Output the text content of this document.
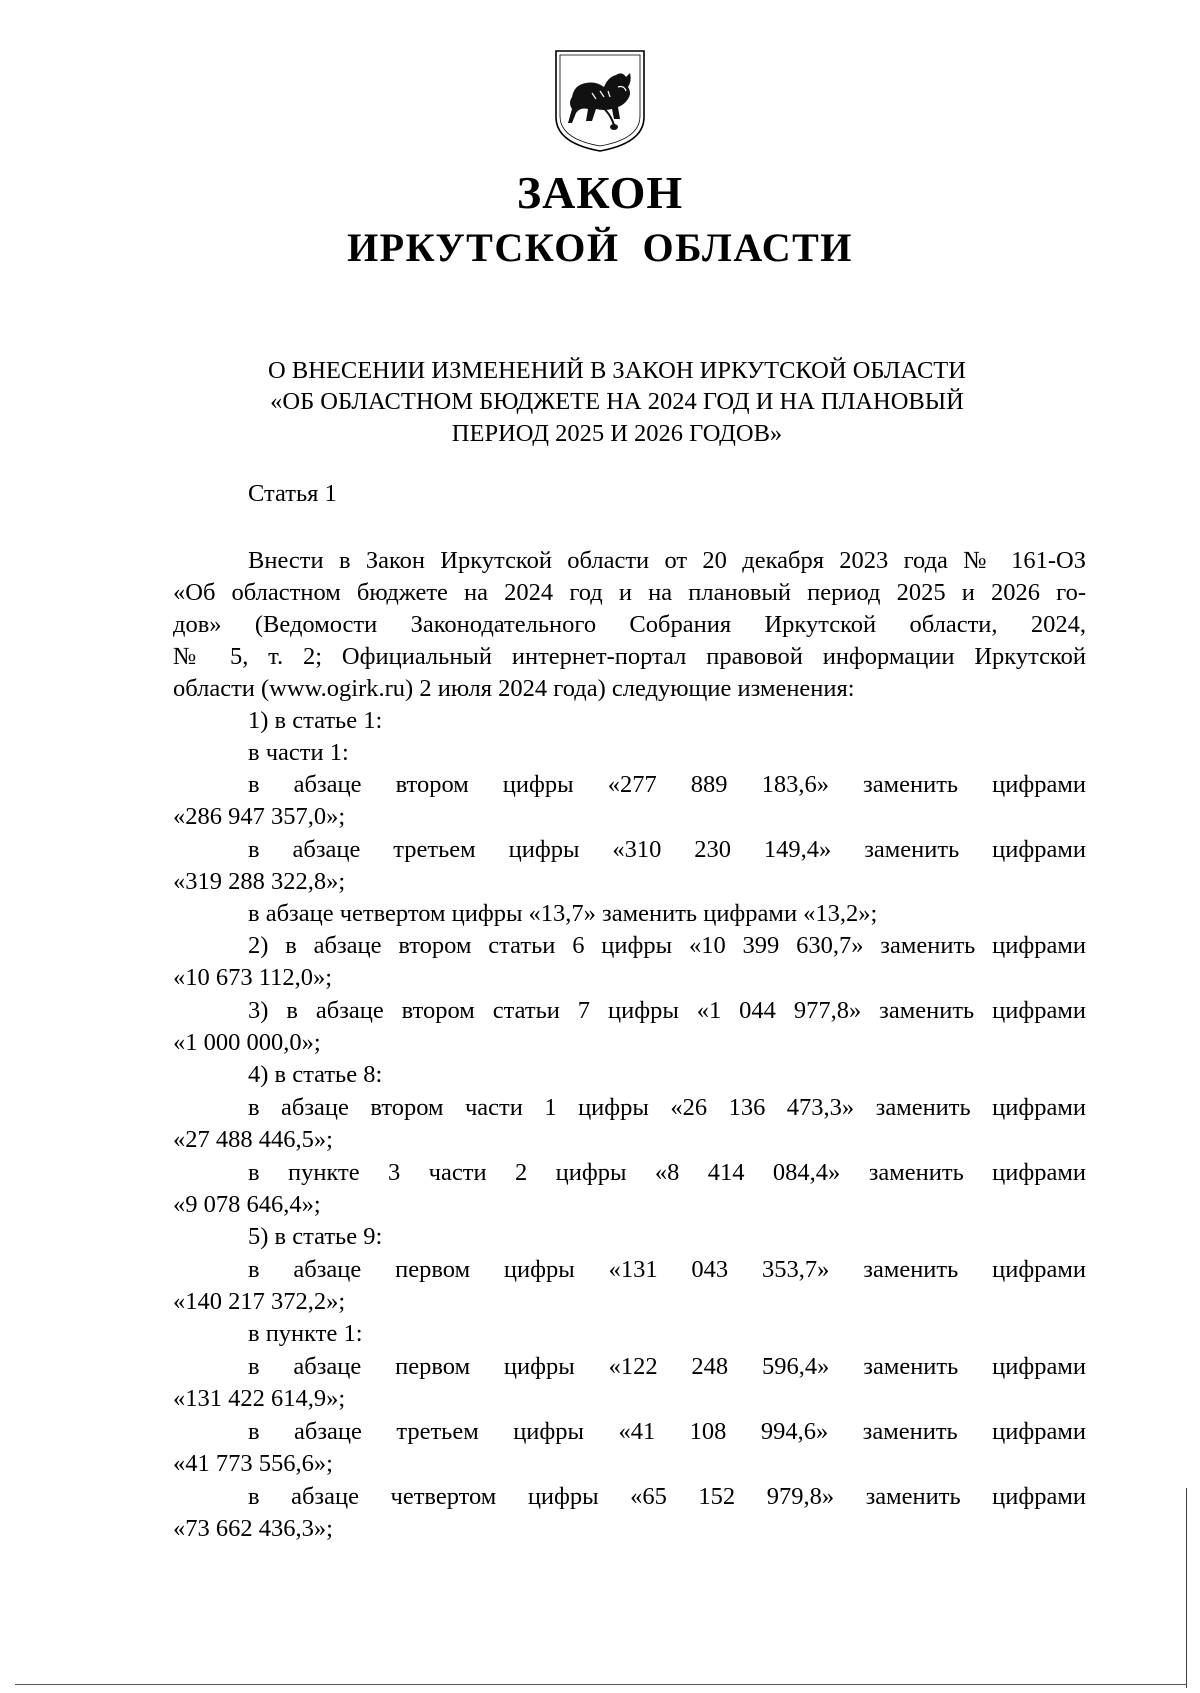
ЗАКОН
ИРКУТСКОЙ  ОБЛАСТИ
О ВНЕСЕНИИ ИЗМЕНЕНИЙ В ЗАКОН ИРКУТСКОЙ ОБЛАСТИ
«ОБ ОБЛАСТНОМ БЮДЖЕТЕ НА 2024 ГОД И НА ПЛАНОВЫЙ
ПЕРИОД 2025 И 2026 ГОДОВ»
Статья 1
Внести в Закон Иркутской области от 20 декабря 2023 года № 161-ОЗ
«Об областном бюджете на 2024 год и на плановый период 2025 и 2026 го-
дов» (Ведомости Законодательного Собрания Иркутской области, 2024,
№ 5, т. 2; Официальный интернет-портал правовой информации Иркутской
области (www.ogirk.ru) 2 июля 2024 года) следующие изменения:
1) в статье 1:
в части 1:
в абзаце втором цифры «277 889 183,6» заменить цифрами
«286 947 357,0»;
в абзаце третьем цифры «310 230 149,4» заменить цифрами
«319 288 322,8»;
в абзаце четвертом цифры «13,7» заменить цифрами «13,2»;
2) в абзаце втором статьи 6 цифры «10 399 630,7» заменить цифрами
«10 673 112,0»;
3) в абзаце втором статьи 7 цифры «1 044 977,8» заменить цифрами
«1 000 000,0»;
4) в статье 8:
в абзаце втором части 1 цифры «26 136 473,3» заменить цифрами
«27 488 446,5»;
в пункте 3 части 2 цифры «8 414 084,4» заменить цифрами
«9 078 646,4»;
5) в статье 9:
в абзаце первом цифры «131 043 353,7» заменить цифрами
«140 217 372,2»;
в пункте 1:
в абзаце первом цифры «122 248 596,4» заменить цифрами
«131 422 614,9»;
в абзаце третьем цифры «41 108 994,6» заменить цифрами
«41 773 556,6»;
в абзаце четвертом цифры «65 152 979,8» заменить цифрами
«73 662 436,3»;
